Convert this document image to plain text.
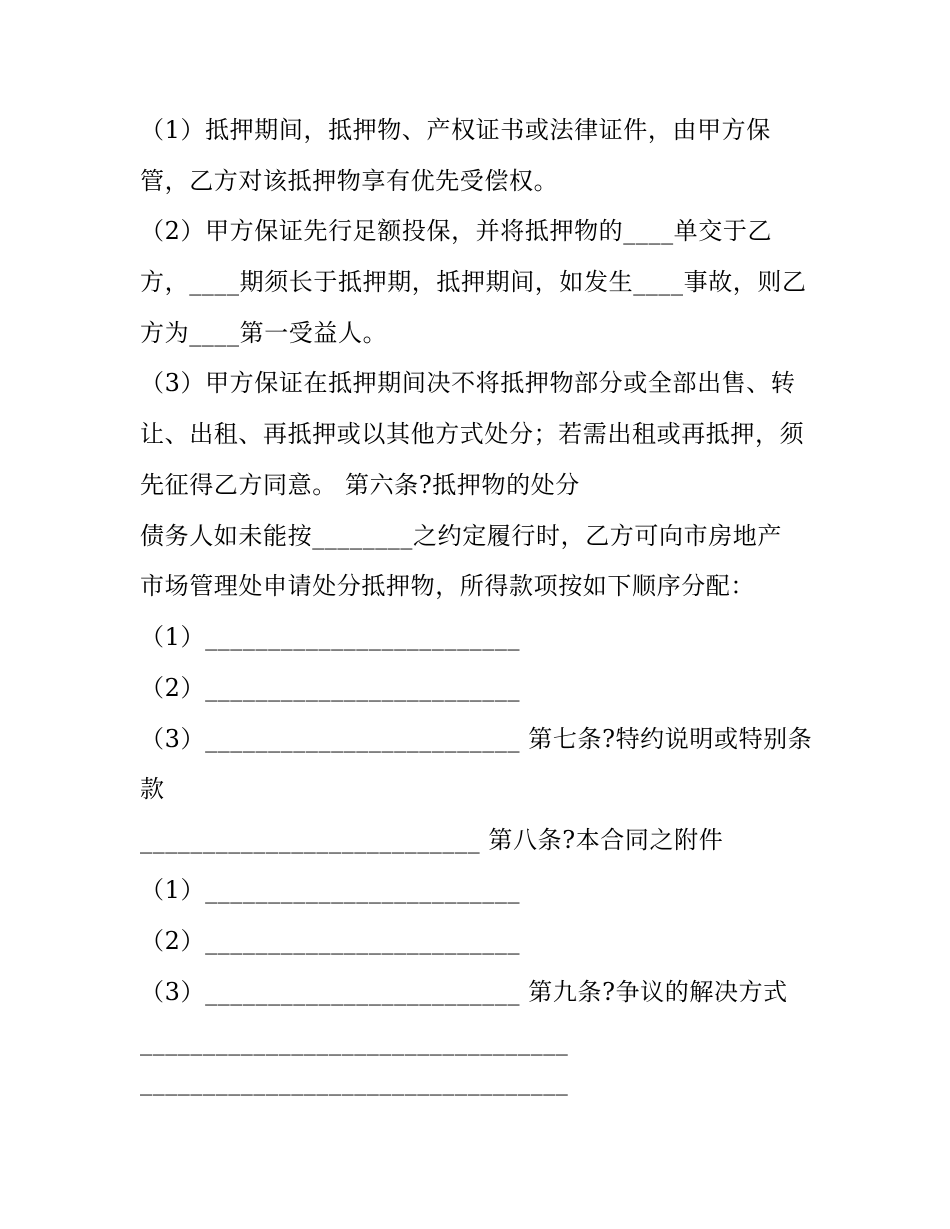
（1）抵押期间，抵押物、产权证书或法律证件，由甲方保
管，乙方对该抵押物享有优先受偿权。
（2）甲方保证先行足额投保，并将抵押物的____单交于乙
方，____期须长于抵押期，抵押期间，如发生____事故，则乙
方为____第一受益人。
（3）甲方保证在抵押期间决不将抵押物部分或全部出售、转
让、出租、再抵押或以其他方式处分；若需出租或再抵押，须
先征得乙方同意。 第六条?抵押物的处分
债务人如未能按________之约定履行时，乙方可向市房地产
市场管理处申请处分抵押物，所得款项按如下顺序分配：
（1）_________________________
（2）_________________________
（3）_________________________ 第七条?特约说明或特别条
款
___________________________ 第八条?本合同之附件
（1）_________________________
（2）_________________________
（3）_________________________ 第九条?争议的解决方式
__________________________________
__________________________________
